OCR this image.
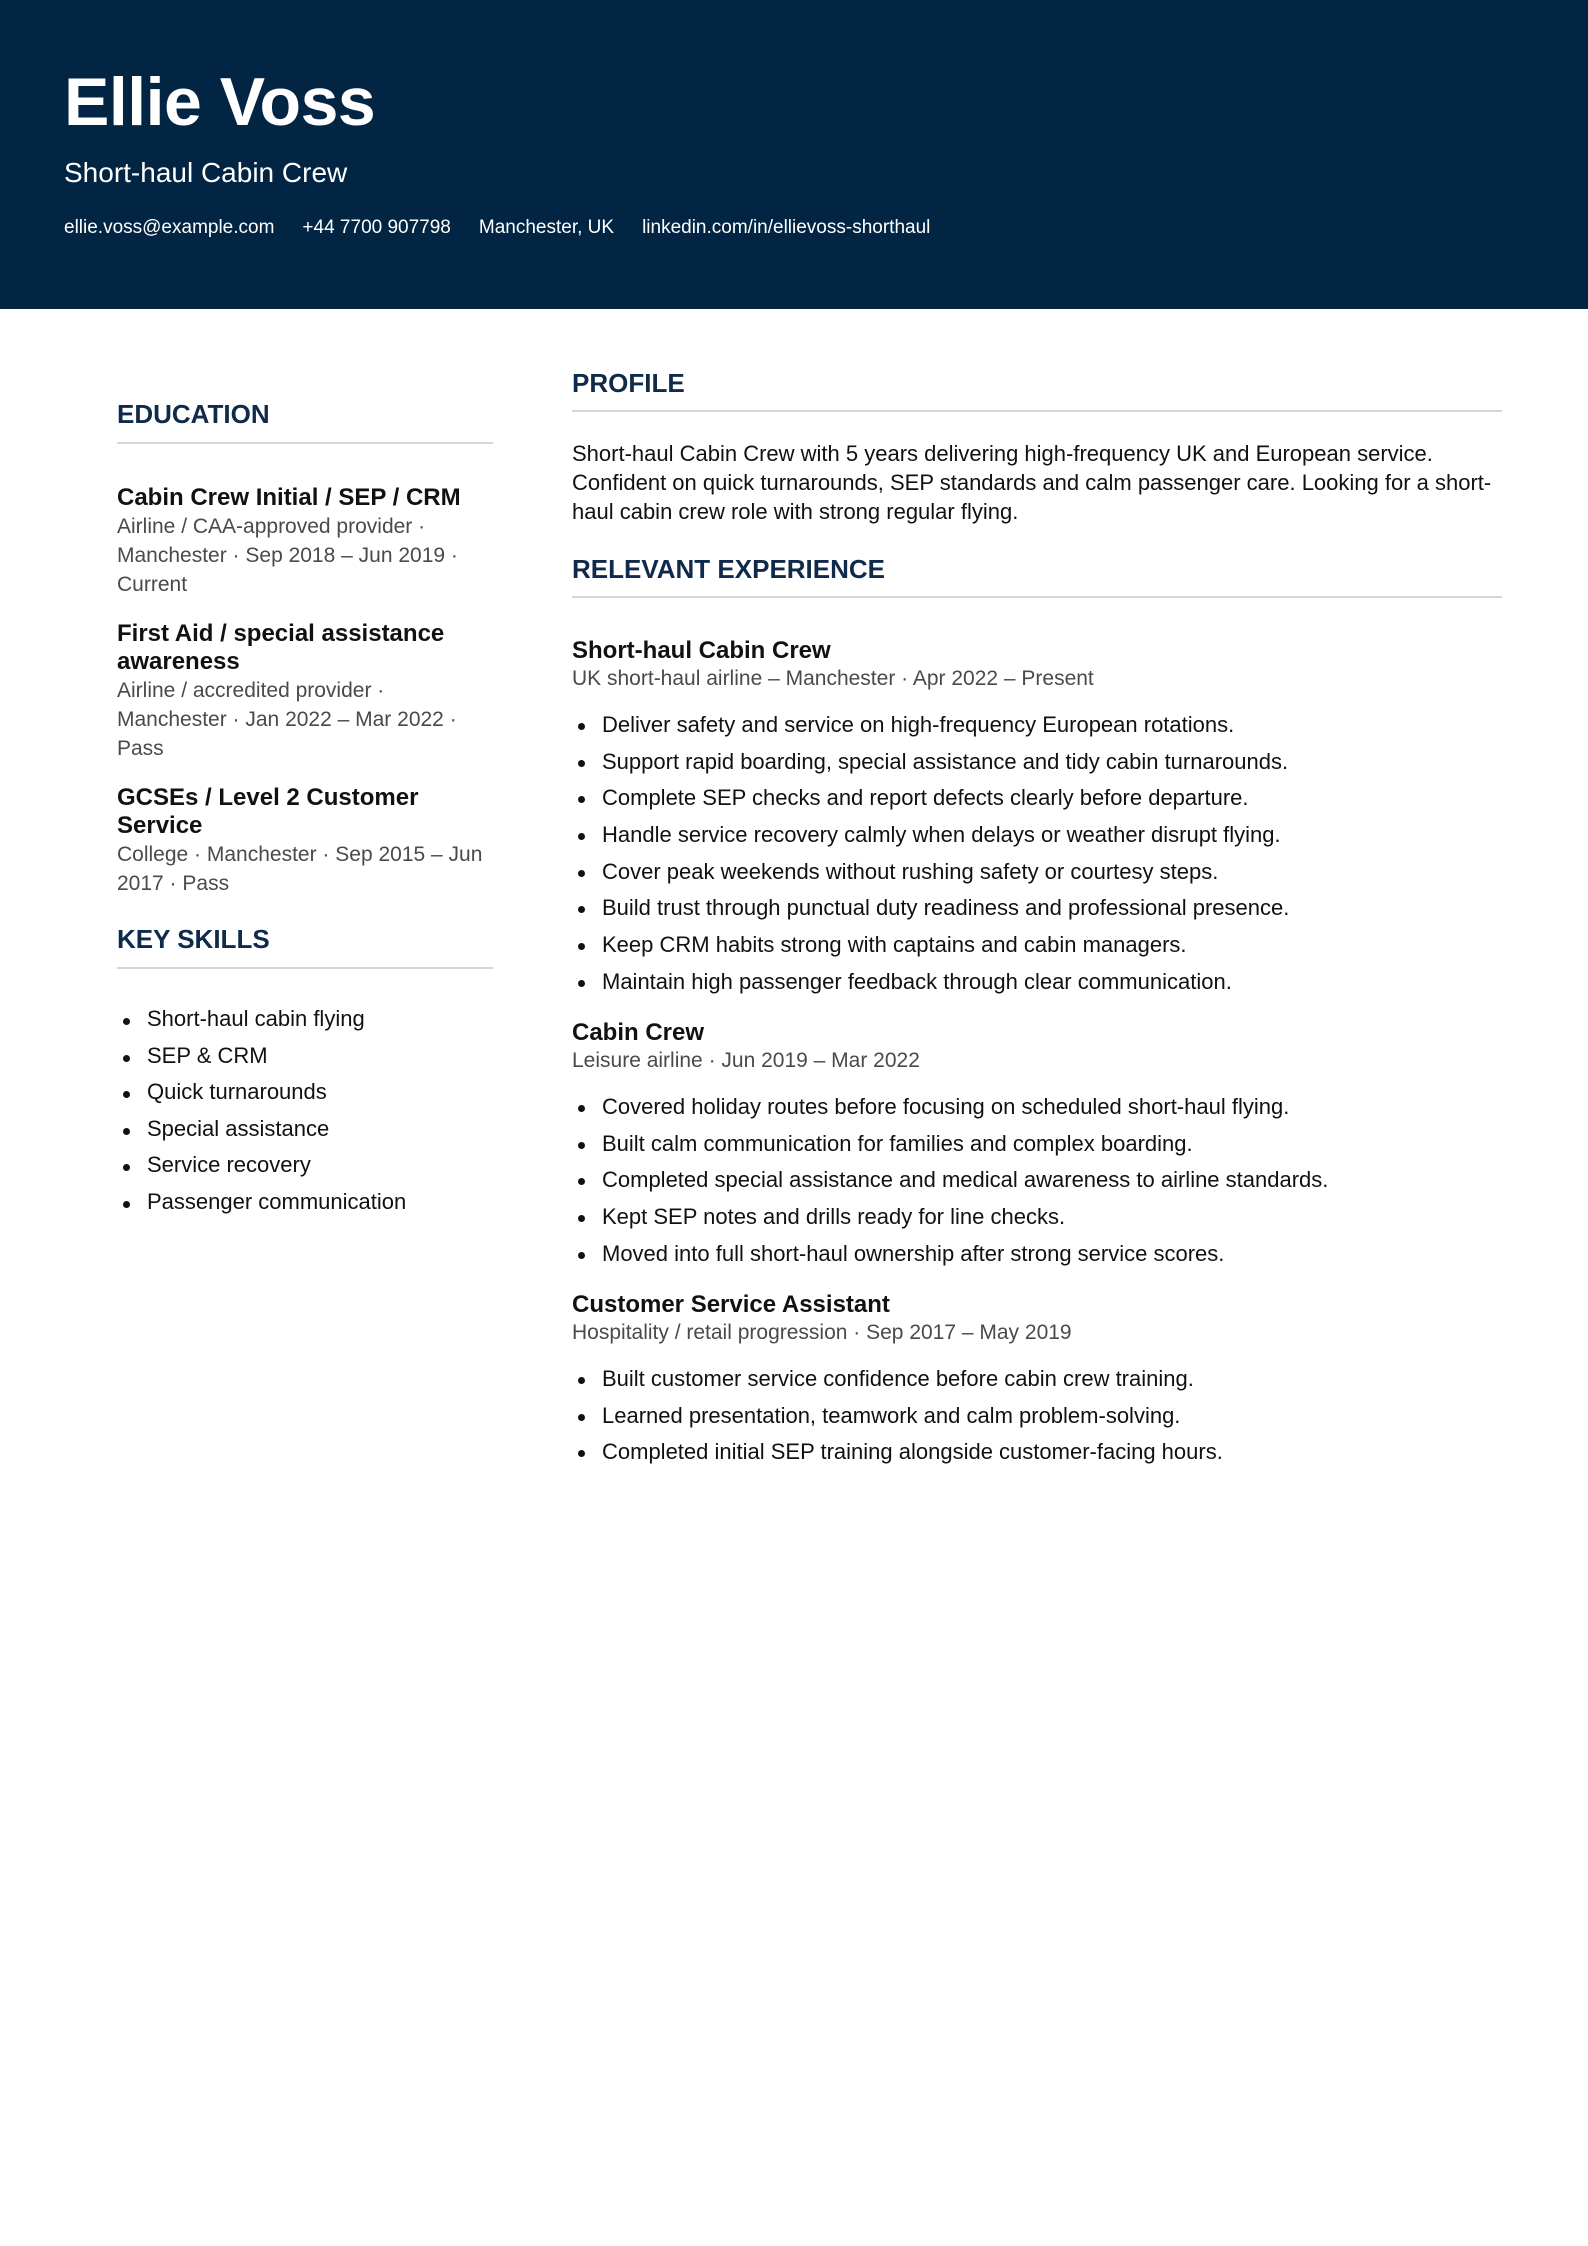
Ellie Voss
Short-haul Cabin Crew
ellie.voss@example.com +44 7700 907798 Manchester, UK linkedin.com/in/ellievoss-shorthaul
EDUCATION
Cabin Crew Initial / SEP / CRM
Airline / CAA-approved provider · Manchester · Sep 2018 – Jun 2019 · Current
First Aid / special assistance awareness
Airline / accredited provider · Manchester · Jan 2022 – Mar 2022 · Pass
GCSEs / Level 2 Customer Service
College · Manchester · Sep 2015 – Jun 2017 · Pass
KEY SKILLS
Short-haul cabin flying
SEP & CRM
Quick turnarounds
Special assistance
Service recovery
Passenger communication
PROFILE
Short-haul Cabin Crew with 5 years delivering high-frequency UK and European service. Confident on quick turnarounds, SEP standards and calm passenger care. Looking for a short-haul cabin crew role with strong regular flying.
RELEVANT EXPERIENCE
Short-haul Cabin Crew
UK short-haul airline – Manchester · Apr 2022 – Present
Deliver safety and service on high-frequency European rotations.
Support rapid boarding, special assistance and tidy cabin turnarounds.
Complete SEP checks and report defects clearly before departure.
Handle service recovery calmly when delays or weather disrupt flying.
Cover peak weekends without rushing safety or courtesy steps.
Build trust through punctual duty readiness and professional presence.
Keep CRM habits strong with captains and cabin managers.
Maintain high passenger feedback through clear communication.
Cabin Crew
Leisure airline · Jun 2019 – Mar 2022
Covered holiday routes before focusing on scheduled short-haul flying.
Built calm communication for families and complex boarding.
Completed special assistance and medical awareness to airline standards.
Kept SEP notes and drills ready for line checks.
Moved into full short-haul ownership after strong service scores.
Customer Service Assistant
Hospitality / retail progression · Sep 2017 – May 2019
Built customer service confidence before cabin crew training.
Learned presentation, teamwork and calm problem-solving.
Completed initial SEP training alongside customer-facing hours.
